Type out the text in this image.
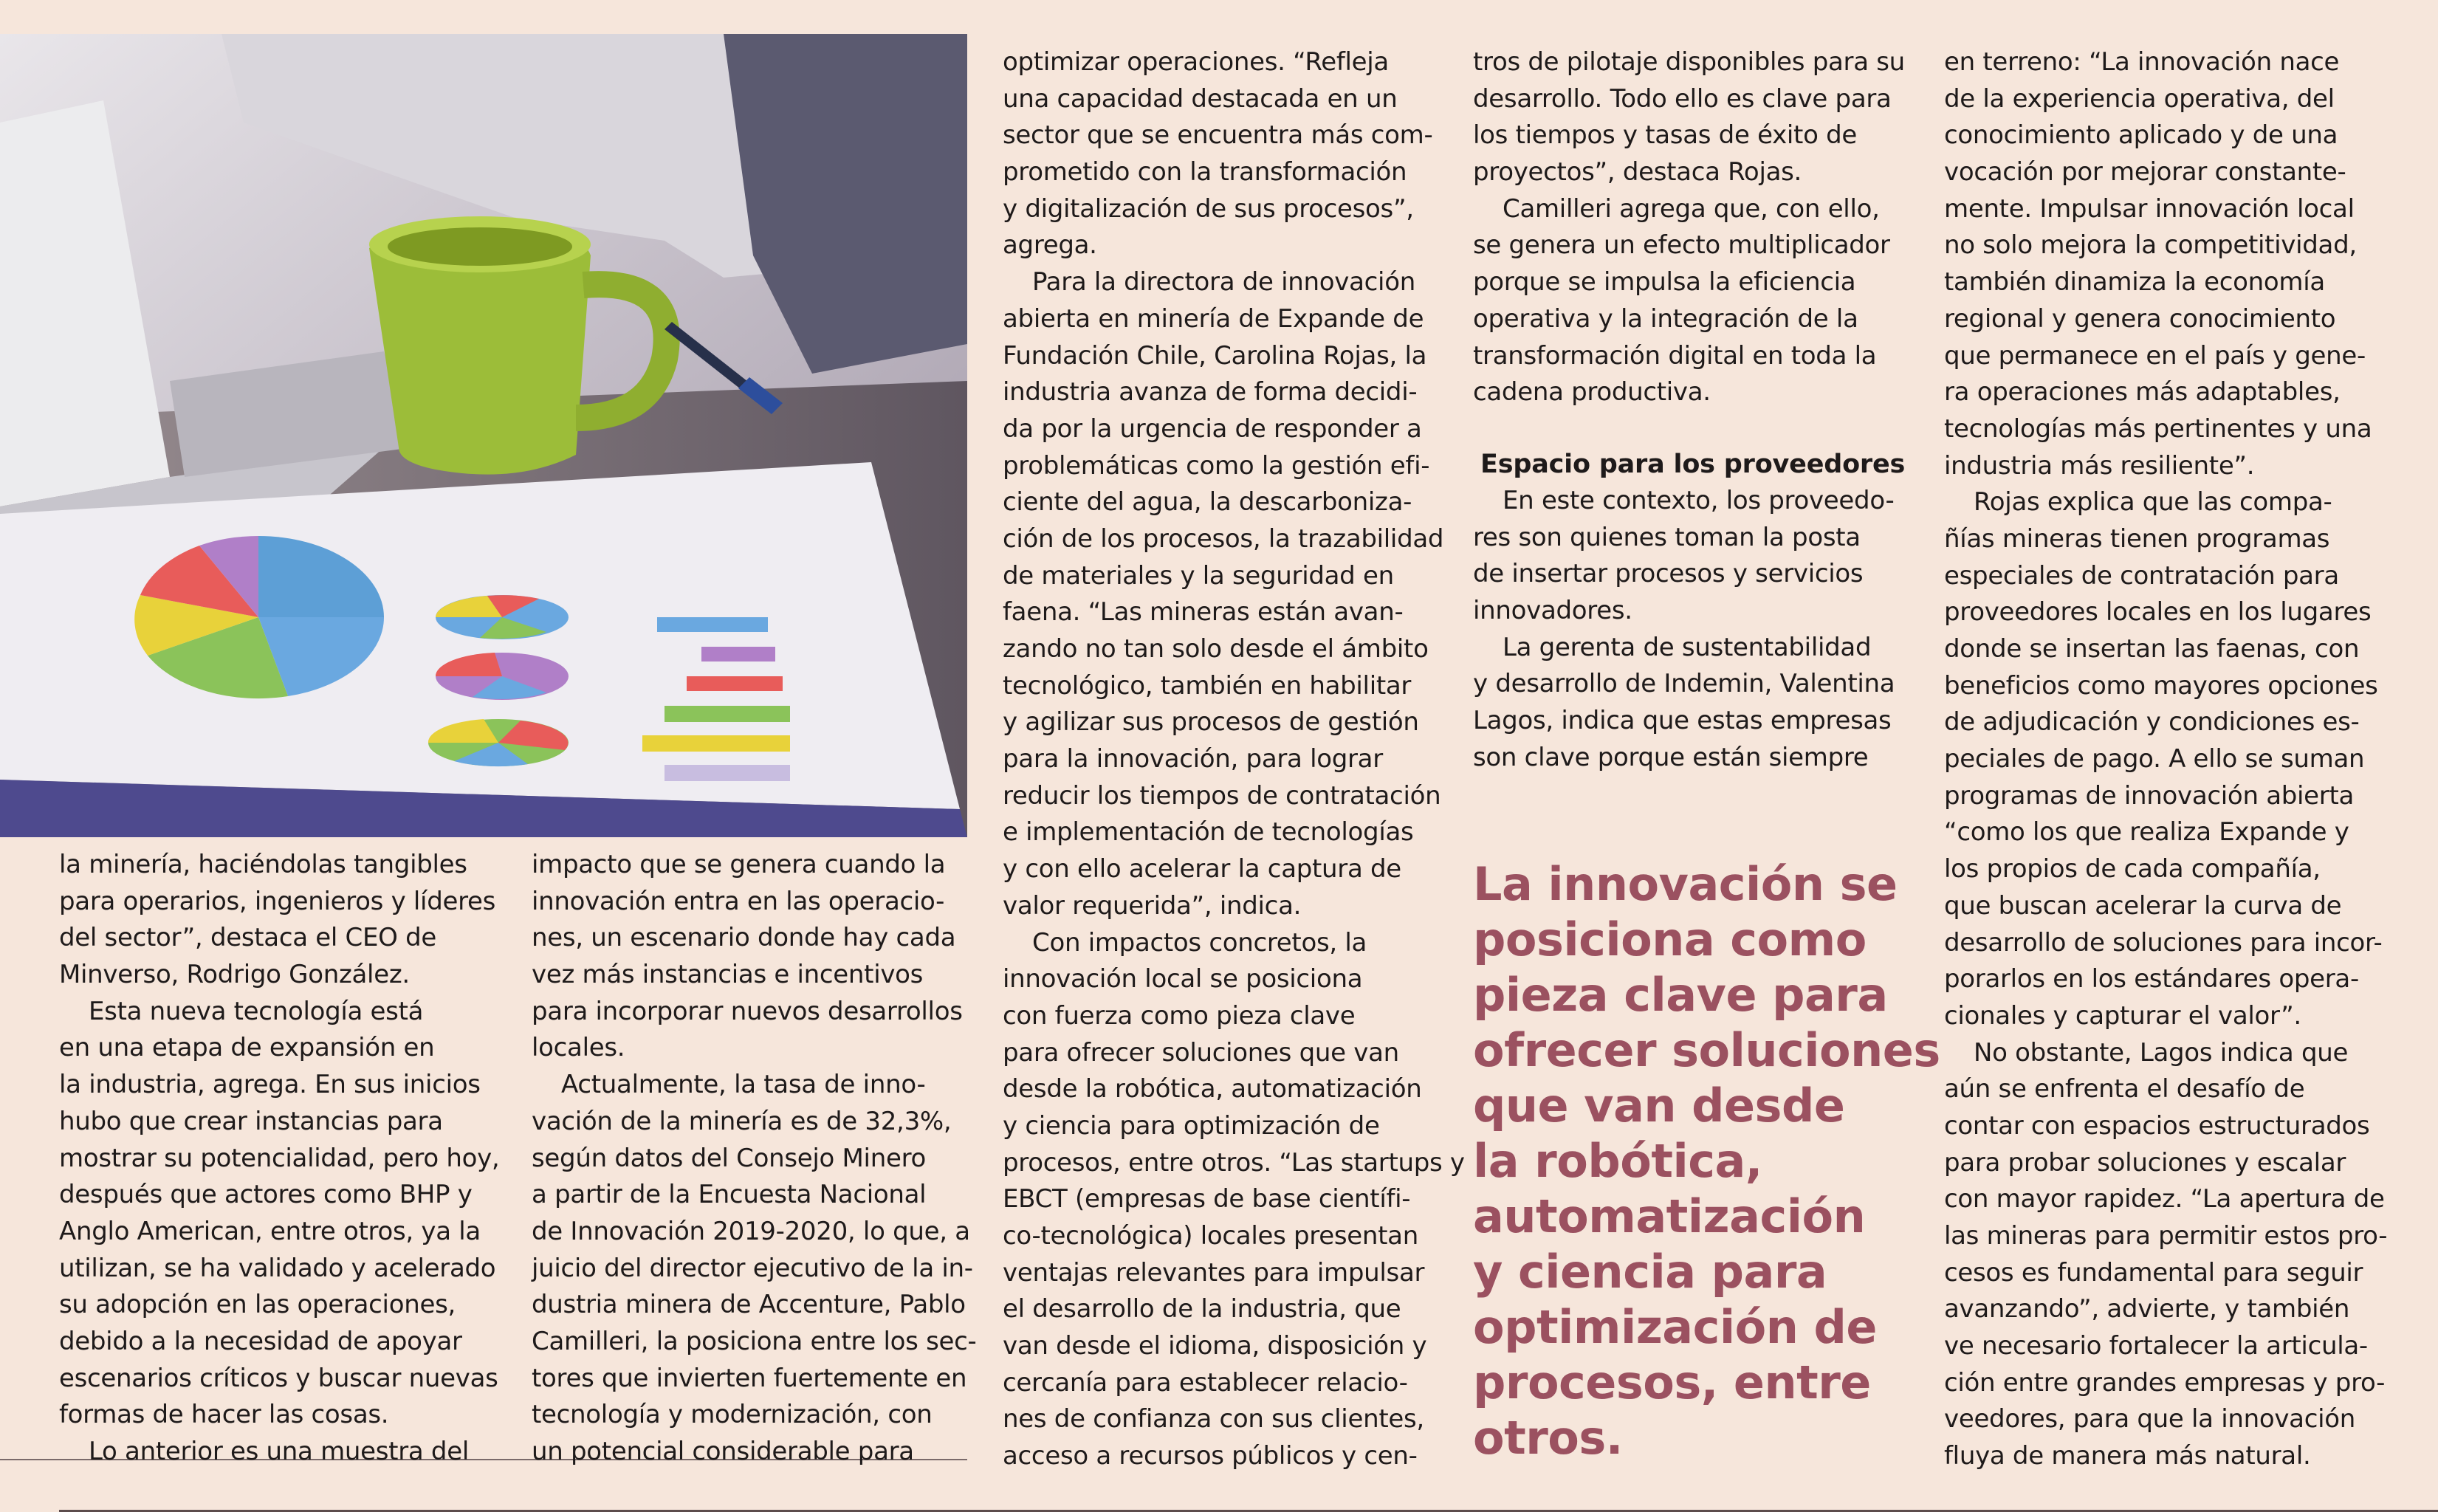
la minería, haciéndolas tangibles
para operarios, ingenieros y líderes
del sector”, destaca el CEO de
Minverso, Rodrigo González.
Esta nueva tecnología está
en una etapa de expansión en
la industria, agrega. En sus inicios
hubo que crear instancias para
mostrar su potencialidad, pero hoy,
después que actores como BHP y
Anglo American, entre otros, ya la
utilizan, se ha validado y acelerado
su adopción en las operaciones,
debido a la necesidad de apoyar
escenarios críticos y buscar nuevas
formas de hacer las cosas.
Lo anterior es una muestra del
impacto que se genera cuando la
innovación entra en las operacio-
nes, un escenario donde hay cada
vez más instancias e incentivos
para incorporar nuevos desarrollos
locales.
Actualmente, la tasa de inno-
vación de la minería es de 32,3%,
según datos del Consejo Minero
a partir de la Encuesta Nacional
de Innovación 2019-2020, lo que, a
juicio del director ejecutivo de la in-
dustria minera de Accenture, Pablo
Camilleri, la posiciona entre los sec-
tores que invierten fuertemente en
tecnología y modernización, con
un potencial considerable para
optimizar operaciones. “Refleja
una capacidad destacada en un
sector que se encuentra más com-
prometido con la transformación
y digitalización de sus procesos”,
agrega.
Para la directora de innovación
abierta en minería de Expande de
Fundación Chile, Carolina Rojas, la
industria avanza de forma decidi-
da por la urgencia de responder a
problemáticas como la gestión efi-
ciente del agua, la descarboniza-
ción de los procesos, la trazabilidad
de materiales y la seguridad en
faena. “Las mineras están avan-
zando no tan solo desde el ámbito
tecnológico, también en habilitar
y agilizar sus procesos de gestión
para la innovación, para lograr
reducir los tiempos de contratación
e implementación de tecnologías
y con ello acelerar la captura de
valor requerida”, indica.
Con impactos concretos, la
innovación local se posiciona
con fuerza como pieza clave
para ofrecer soluciones que van
desde la robótica, automatización
y ciencia para optimización de
procesos, entre otros. “Las startups y
EBCT (empresas de base científi-
co-tecnológica) locales presentan
ventajas relevantes para impulsar
el desarrollo de la industria, que
van desde el idioma, disposición y
cercanía para establecer relacio-
nes de confianza con sus clientes,
acceso a recursos públicos y cen-
tros de pilotaje disponibles para su
desarrollo. Todo ello es clave para
los tiempos y tasas de éxito de
proyectos”, destaca Rojas.
Camilleri agrega que, con ello,
se genera un efecto multiplicador
porque se impulsa la eficiencia
operativa y la integración de la
transformación digital en toda la
cadena productiva.
Espacio para los proveedores
En este contexto, los proveedo-
res son quienes toman la posta
de insertar procesos y servicios
innovadores.
La gerenta de sustentabilidad
y desarrollo de Indemin, Valentina
Lagos, indica que estas empresas
son clave porque están siempre
La innovación se
posiciona como
pieza clave para
ofrecer soluciones
que van desde
la robótica,
automatización
y ciencia para
optimización de
procesos, entre
otros.
en terreno: “La innovación nace
de la experiencia operativa, del
conocimiento aplicado y de una
vocación por mejorar constante-
mente. Impulsar innovación local
no solo mejora la competitividad,
también dinamiza la economía
regional y genera conocimiento
que permanece en el país y gene-
ra operaciones más adaptables,
tecnologías más pertinentes y una
industria más resiliente”.
Rojas explica que las compa-
ñías mineras tienen programas
especiales de contratación para
proveedores locales en los lugares
donde se insertan las faenas, con
beneficios como mayores opciones
de adjudicación y condiciones es-
peciales de pago. A ello se suman
programas de innovación abierta
“como los que realiza Expande y
los propios de cada compañía,
que buscan acelerar la curva de
desarrollo de soluciones para incor-
porarlos en los estándares opera-
cionales y capturar el valor”.
No obstante, Lagos indica que
aún se enfrenta el desafío de
contar con espacios estructurados
para probar soluciones y escalar
con mayor rapidez. “La apertura de
las mineras para permitir estos pro-
cesos es fundamental para seguir
avanzando”, advierte, y también
ve necesario fortalecer la articula-
ción entre grandes empresas y pro-
veedores, para que la innovación
fluya de manera más natural.
